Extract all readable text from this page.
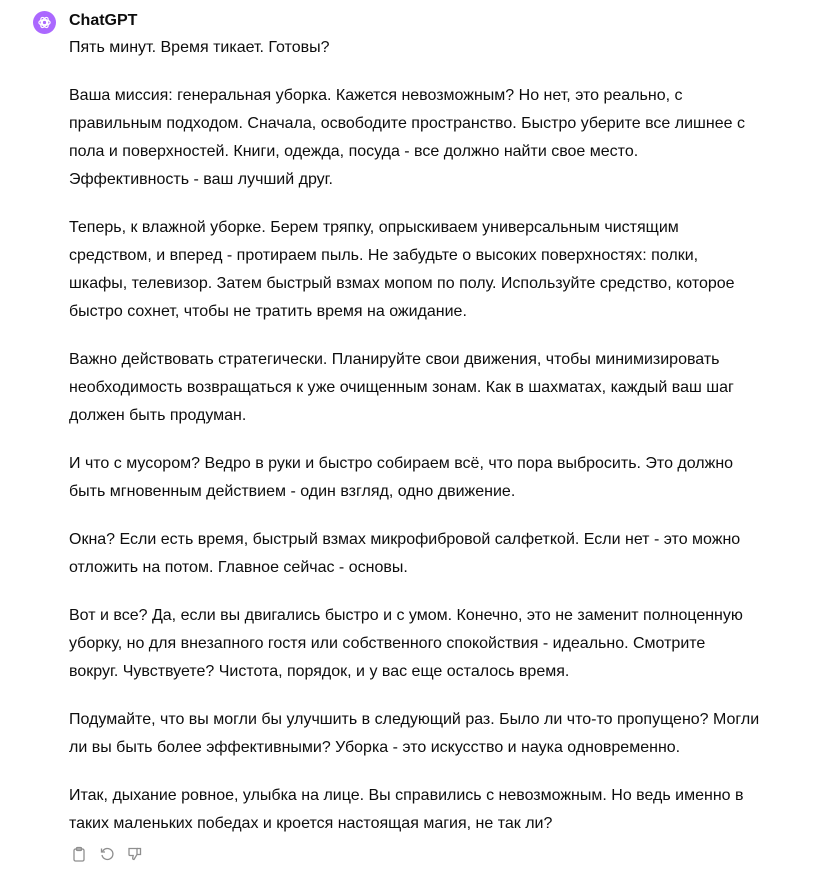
ChatGPT

Пять минут. Время тикает. Готовы?

Ваша миссия: генеральная уборка. Кажется невозможным? Но нет, это реально, с
правильным подходом. Сначала, освободите пространство. Быстро уберите все лишнее с
пола и поверхностей. Книги, одежда, посуда - все должно найти свое место.
Эффективность - ваш лучший друг.

Теперь, к влажной уборке. Берем тряпку, опрыскиваем универсальным чистящим
средством, и вперед - протираем пыль. Не забудьте о высоких поверхностях: полки,
шкафы, телевизор. Затем быстрый взмах мопом по полу. Используйте средство, которое
быстро сохнет, чтобы не тратить время на ожидание.

Важно действовать стратегически. Планируйте свои движения, чтобы минимизировать
необходимость возвращаться к уже очищенным зонам. Как в шахматах, каждый ваш шаг
должен быть продуман.

И что с мусором? Ведро в руки и быстро собираем всё, что пора выбросить. Это должно
быть мгновенным действием - один взгляд, одно движение.

Окна? Если есть время, быстрый взмах микрофибровой салфеткой. Если нет - это можно
отложить на потом. Главное сейчас - основы.

Вот и все? Да, если вы двигались быстро и с умом. Конечно, это не заменит полноценную
уборку, но для внезапного гостя или собственного спокойствия - идеально. Смотрите
вокруг. Чувствуете? Чистота, порядок, и у вас еще осталось время.

Подумайте, что вы могли бы улучшить в следующий раз. Было ли что-то пропущено? Могли
ли вы быть более эффективными? Уборка - это искусство и наука одновременно.

Итак, дыхание ровное, улыбка на лице. Вы справились с невозможным. Но ведь именно в
таких маленьких победах и кроется настоящая магия, не так ли?
